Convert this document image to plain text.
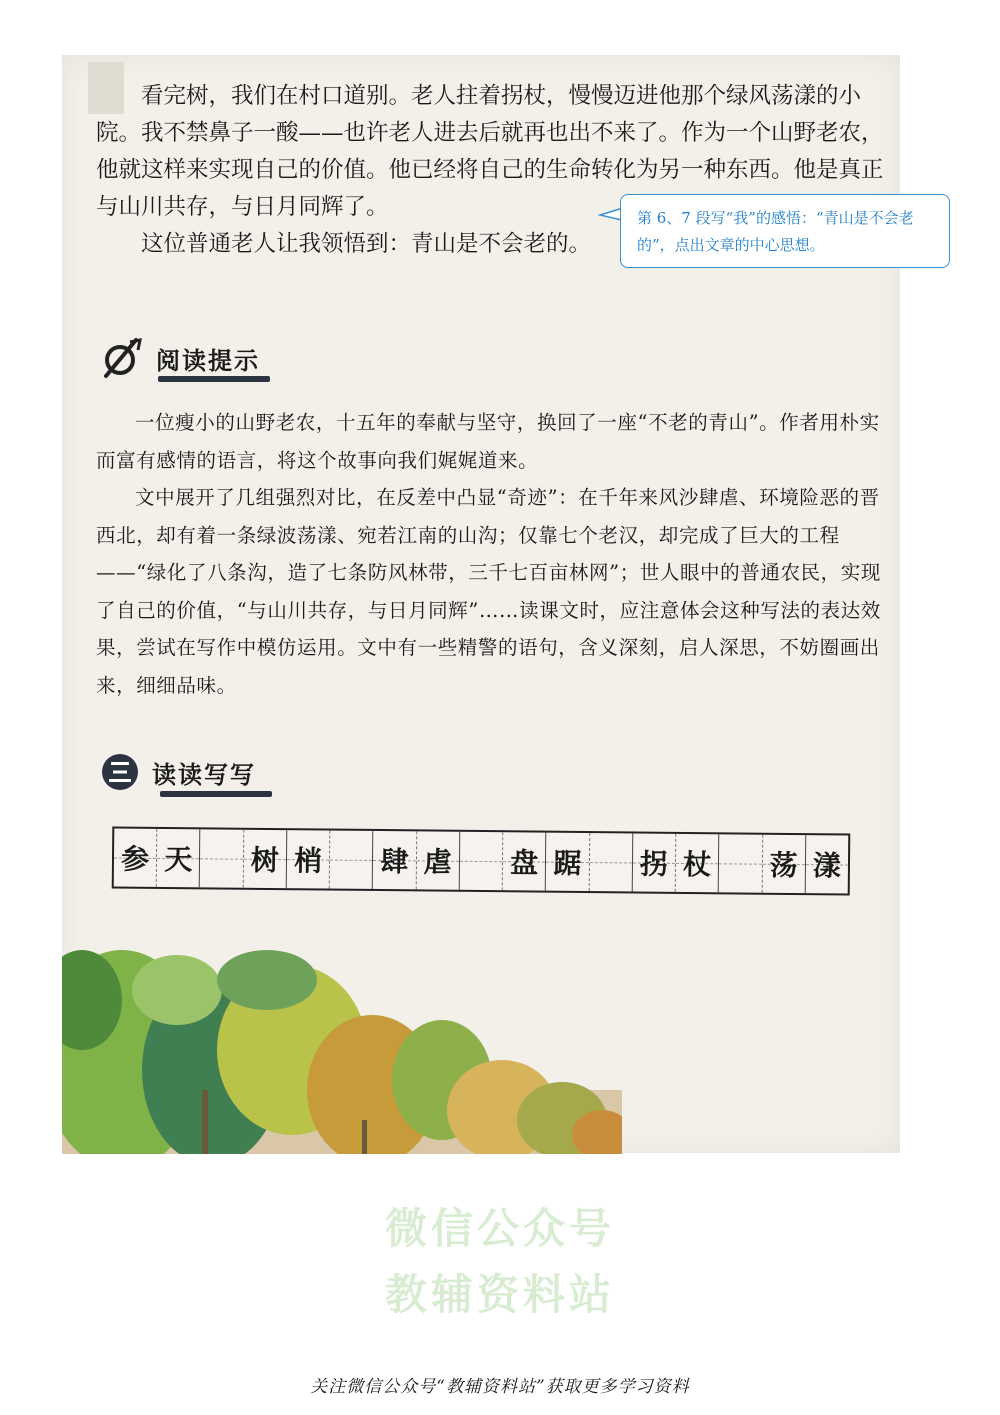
看完树，我们在村口道别。老人拄着拐杖，慢慢迈进他那个绿风荡漾的小院。我不禁鼻子一酸——也许老人进去后就再也出不来了。作为一个山野老农，他就这样来实现自己的价值。他已经将自己的生命转化为另一种东西。他是真正与山川共存，与日月同辉了。

这位普通老人让我领悟到：青山是不会老的。

第 6、7 段写“我”的感悟：“青山是不会老的”，点出文章的中心思想。
阅读提示

一位瘦小的山野老农，十五年的奉献与坚守，换回了一座“不老的青山”。作者用朴实而富有感情的语言，将这个故事向我们娓娓道来。

文中展开了几组强烈对比，在反差中凸显“奇迹”：在千年来风沙肆虐、环境险恶的晋西北，却有着一条绿波荡漾、宛若江南的山沟；仅靠七个老汉，却完成了巨大的工程——“绿化了八条沟，造了七条防风林带，三千七百亩林网”；世人眼中的普通农民，实现了自己的价值，“与山川共存，与日月同辉”……读课文时，应注意体会这种写法的表达效果，尝试在写作中模仿运用。文中有一些精警的语句，含义深刻，启人深思，不妨圈画出来，细细品味。

读读写写
参 天 树 梢 肆 虐 盘 踞 拐 杖 荡 漾
微信公众号
教辅资料站
关注微信公众号“教辅资料站”获取更多学习资料
